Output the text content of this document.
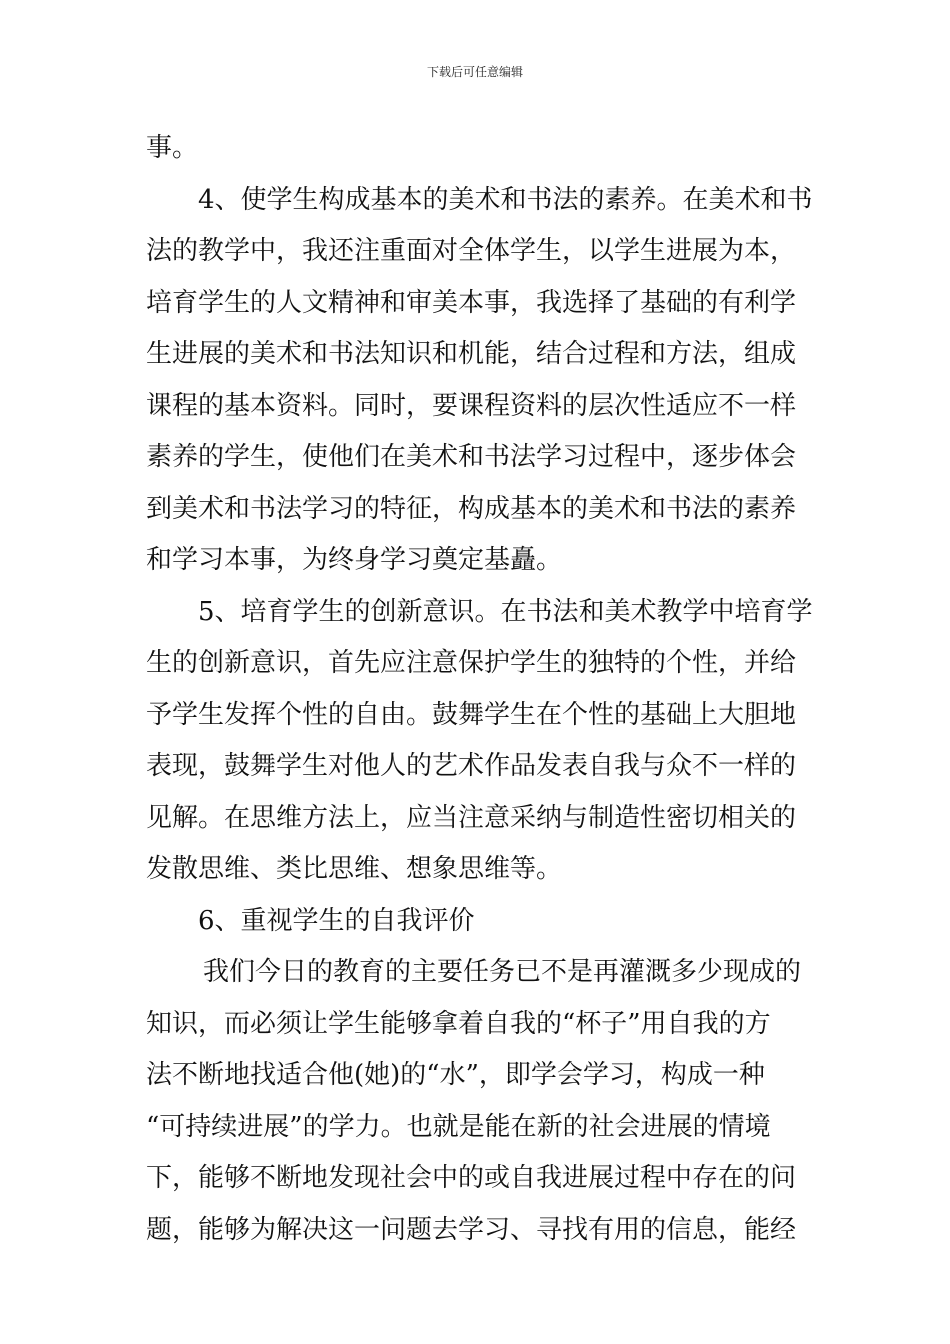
下载后可任意编辑
事。
4、使学生构成基本的美术和书法的素养。在美术和书
法的教学中，我还注重面对全体学生，以学生进展为本，
培育学生的人文精神和审美本事，我选择了基础的有利学
生进展的美术和书法知识和机能，结合过程和方法，组成
课程的基本资料。同时，要课程资料的层次性适应不一样
素养的学生，使他们在美术和书法学习过程中，逐步体会
到美术和书法学习的特征，构成基本的美术和书法的素养
和学习本事，为终身学习奠定基矗。
5、培育学生的创新意识。在书法和美术教学中培育学
生的创新意识，首先应注意保护学生的独特的个性，并给
予学生发挥个性的自由。鼓舞学生在个性的基础上大胆地
表现，鼓舞学生对他人的艺术作品发表自我与众不一样的
见解。在思维方法上，应当注意采纳与制造性密切相关的
发散思维、类比思维、想象思维等。
6、重视学生的自我评价
我们今日的教育的主要任务已不是再灌溉多少现成的
知识，而必须让学生能够拿着自我的“杯子”用自我的方
法不断地找适合他(她)的“水”，即学会学习，构成一种
“可持续进展”的学力。也就是能在新的社会进展的情境
下，能够不断地发现社会中的或自我进展过程中存在的问
题，能够为解决这一问题去学习、寻找有用的信息，能经
